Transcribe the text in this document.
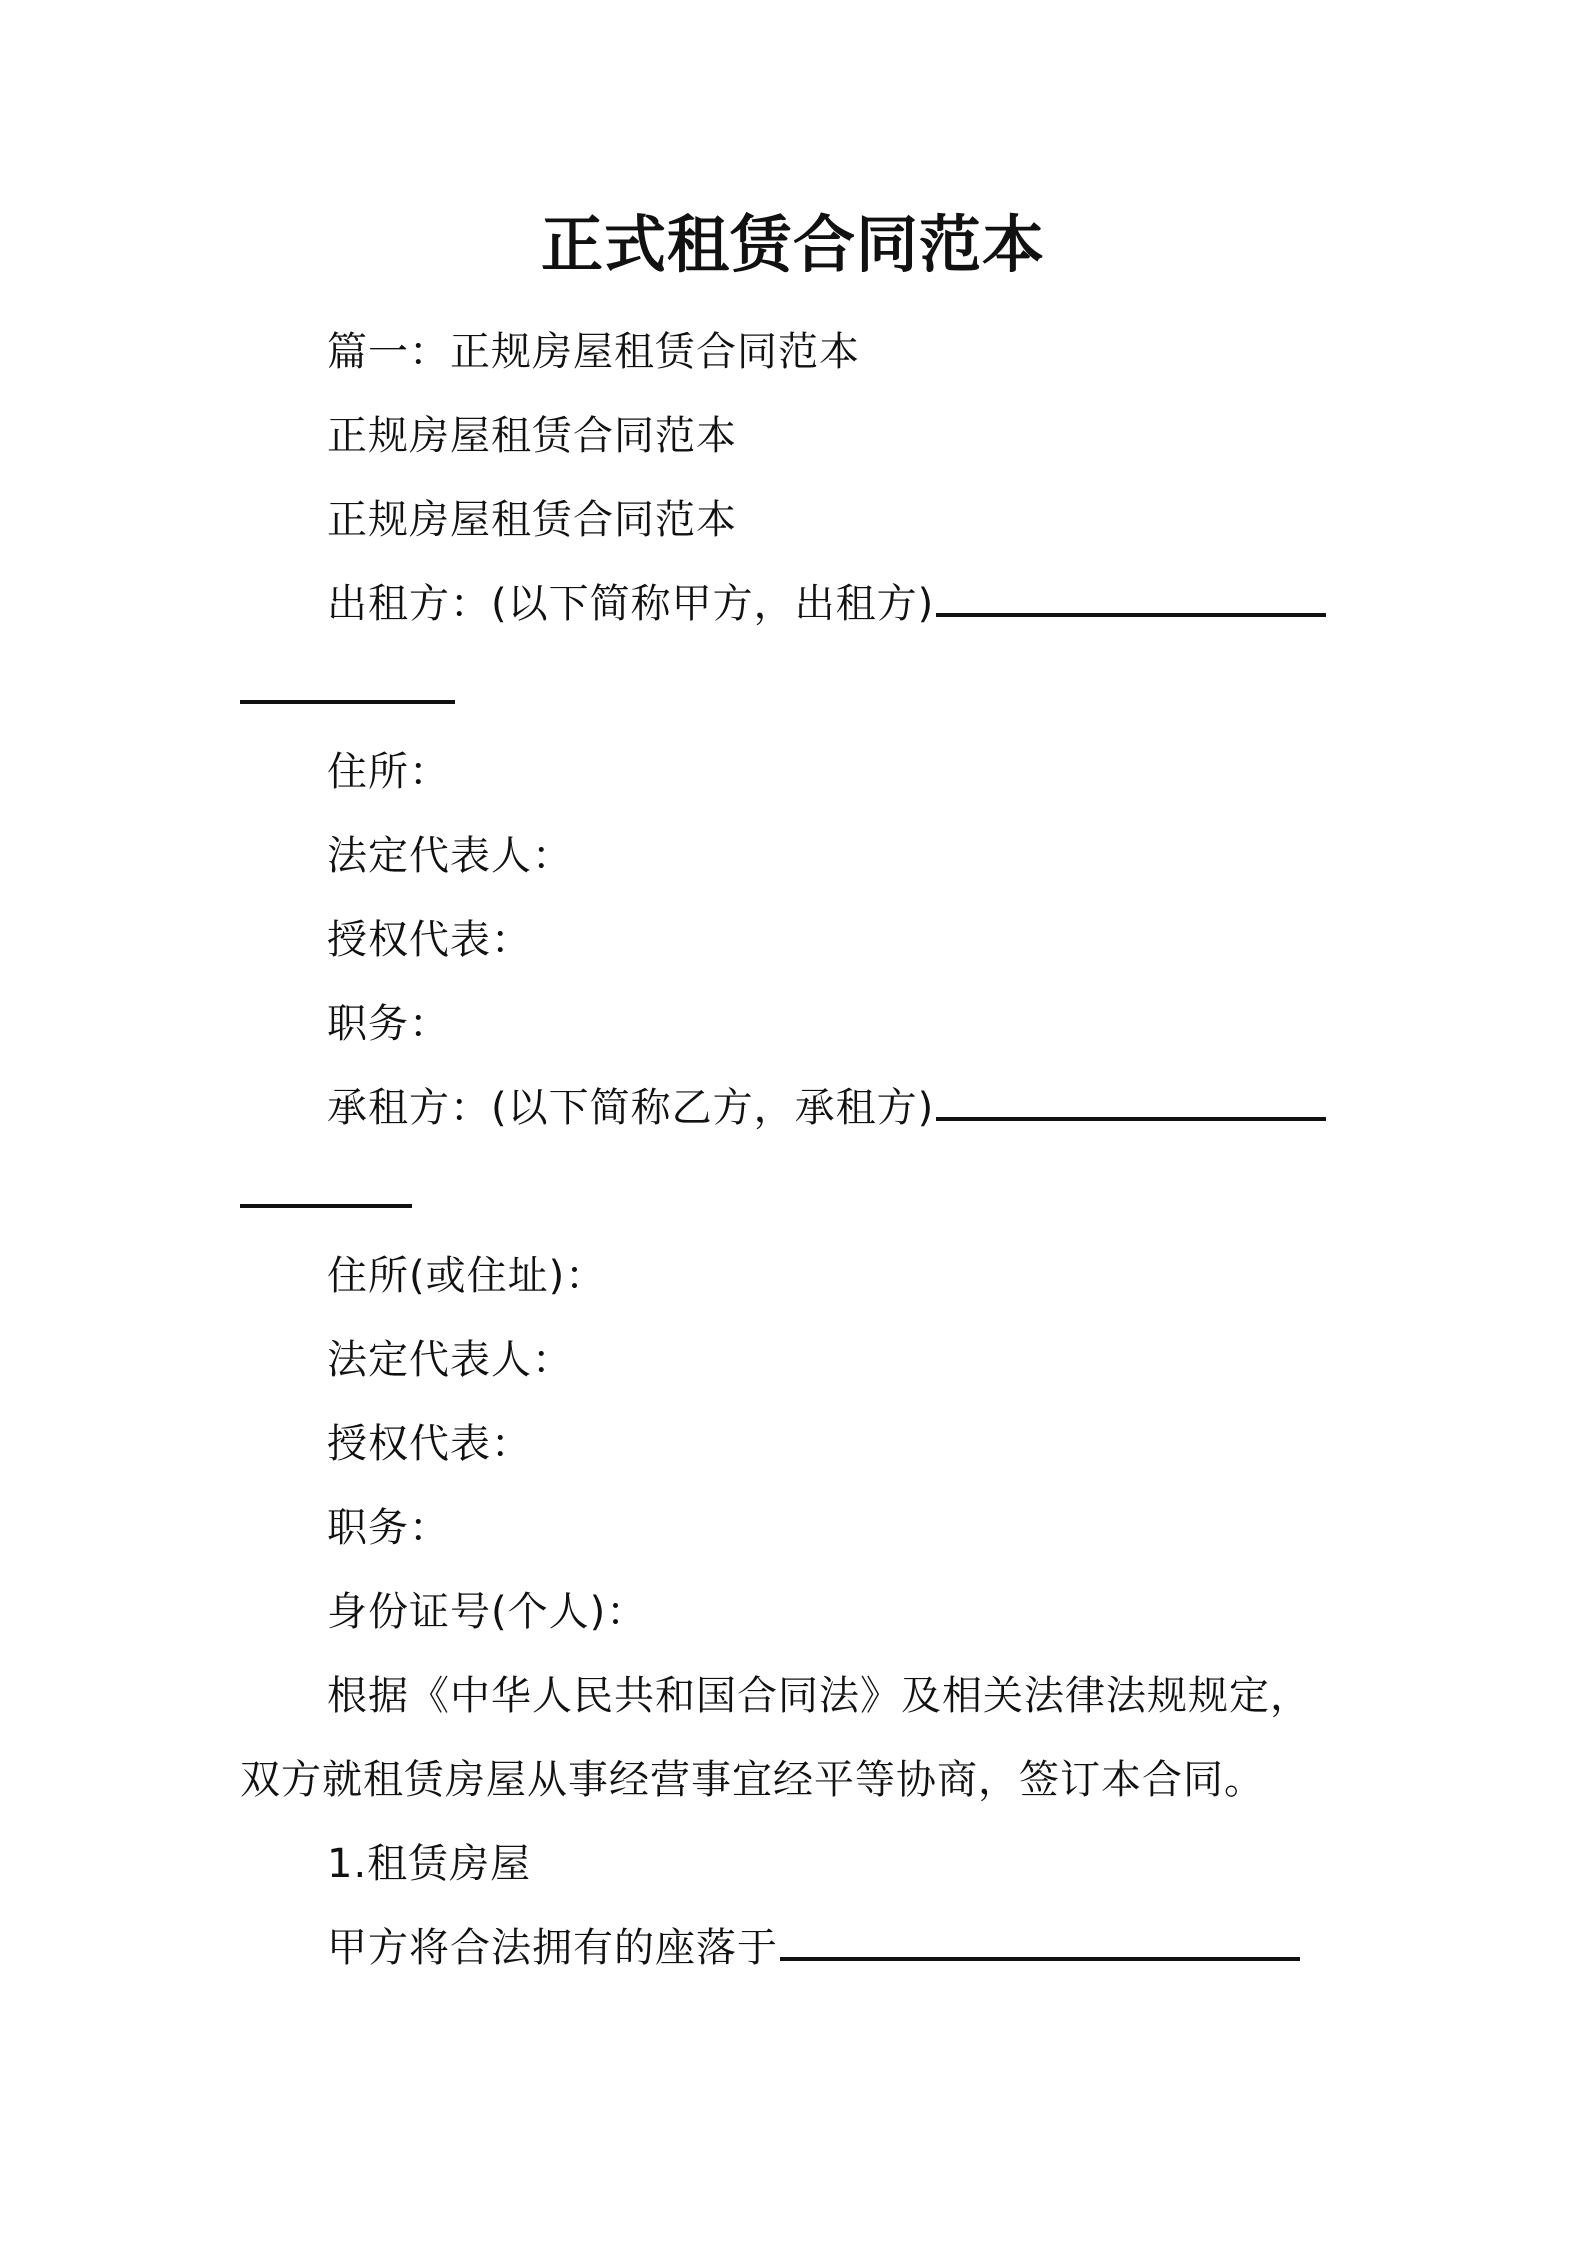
正式租赁合同范本
篇一：正规房屋租赁合同范本
正规房屋租赁合同范本
正规房屋租赁合同范本
出租方：(以下简称甲方，出租方)
住所：
法定代表人：
授权代表：
职务：
承租方：(以下简称乙方，承租方)
住所(或住址)：
法定代表人：
授权代表：
职务：
身份证号(个人)：
根据《中华人民共和国合同法》及相关法律法规规定，
双方就租赁房屋从事经营事宜经平等协商，签订本合同。
1.租赁房屋
甲方将合法拥有的座落于
